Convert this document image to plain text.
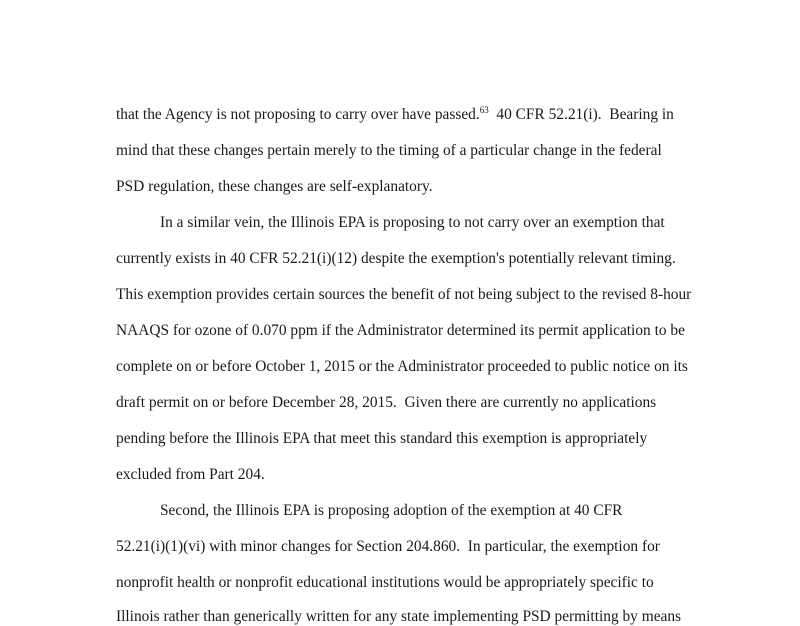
that the Agency is not proposing to carry over have passed.$^{63}$  40 CFR 52.21(i).  Bearing in
mind that these changes pertain merely to the timing of a particular change in the federal
PSD regulation, these changes are self-explanatory.
In a similar vein, the Illinois EPA is proposing to not carry over an exemption that
currently exists in 40 CFR 52.21(i)(12) despite the exemption's potentially relevant timing.
This exemption provides certain sources the benefit of not being subject to the revised 8-hour
NAAQS for ozone of 0.070 ppm if the Administrator determined its permit application to be
complete on or before October 1, 2015 or the Administrator proceeded to public notice on its
draft permit on or before December 28, 2015.  Given there are currently no applications
pending before the Illinois EPA that meet this standard this exemption is appropriately
excluded from Part 204.
Second, the Illinois EPA is proposing adoption of the exemption at 40 CFR
52.21(i)(1)(vi) with minor changes for Section 204.860.  In particular, the exemption for
nonprofit health or nonprofit educational institutions would be appropriately specific to
Illinois rather than generically written for any state implementing PSD permitting by means
